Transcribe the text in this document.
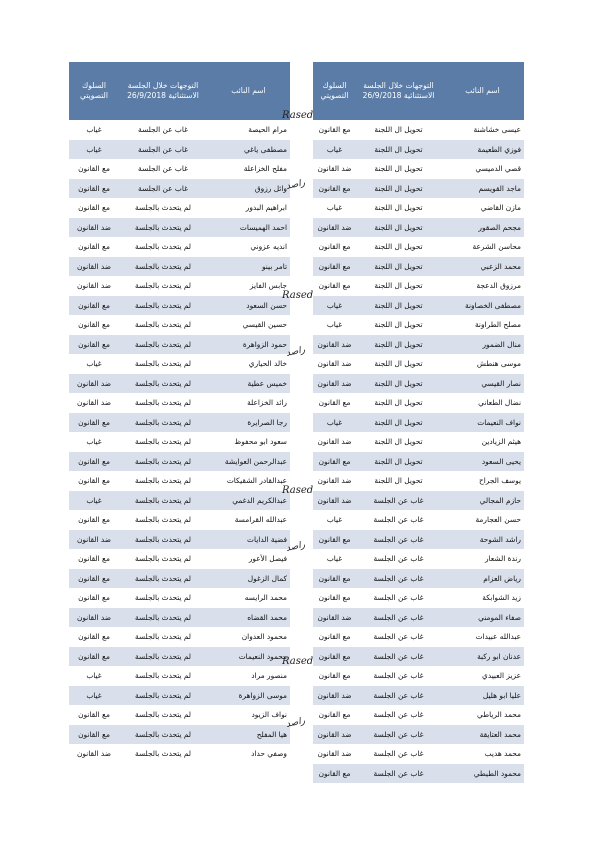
اسم النائب	التوجهات خلال الجلسة الاستثنائية 26/9/2018	السلوك التصويتي
عيسى خشاشنة	تحويل ال اللجنة	مع القانون
فوزي الطعيمة	تحويل ال اللجنة	غياب
قصي الدميسي	تحويل ال اللجنة	ضد القانون
ماجد القويسم	تحويل ال اللجنة	مع القانون
مازن القاضي	تحويل ال اللجنة	غياب
مجحم الصقور	تحويل ال اللجنة	ضد القانون
محاسن الشرعة	تحويل ال اللجنة	مع القانون
محمد الزعبي	تحويل ال اللجنة	مع القانون
مرزوق الدعجة	تحويل ال اللجنة	مع القانون
مصطفى الخصاونة	تحويل ال اللجنة	غياب
مصلح الطراونة	تحويل ال اللجنة	غياب
منال الضمور	تحويل ال اللجنة	ضد القانون
موسى هنطش	تحويل ال اللجنة	ضد القانون
نصار القيسي	تحويل ال اللجنة	ضد القانون
نضال الطعاني	تحويل ال اللجنة	مع القانون
نواف النعيمات	تحويل ال اللجنة	غياب
هيثم الزيادين	تحويل ال اللجنة	ضد القانون
يحيى السعود	تحويل ال اللجنة	مع القانون
يوسف الجراح	تحويل ال اللجنة	ضد القانون
حازم المجالي	غاب عن الجلسة	ضد القانون
حسن العجارمة	غاب عن الجلسة	غياب
راشد الشوحة	غاب عن الجلسة	مع القانون
رندة الشعار	غاب عن الجلسة	غياب
رياض العزام	غاب عن الجلسة	مع القانون
زيد الشوابكة	غاب عن الجلسة	مع القانون
صفاء المومني	غاب عن الجلسة	ضد القانون
عبدالله عبيدات	غاب عن الجلسة	مع القانون
عدنان ابو ركبة	غاب عن الجلسة	مع القانون
عزيز العبيدي	غاب عن الجلسة	مع القانون
عليا ابو هليل	غاب عن الجلسة	ضد القانون
محمد الرياطي	غاب عن الجلسة	مع القانون
محمد العتايقة	غاب عن الجلسة	ضد القانون
محمد هديب	غاب عن الجلسة	ضد القانون
محمود الطيطي	غاب عن الجلسة	مع القانون
اسم النائب	التوجهات خلال الجلسة الاستثنائية 26/9/2018	السلوك التصويتي
مرام الحيصة	غاب عن الجلسة	غياب
مصطفى ياغي	غاب عن الجلسة	غياب
مفلح الخزاعلة	غاب عن الجلسة	مع القانون
وائل رزوق	غاب عن الجلسة	مع القانون
ابراهيم البدور	لم يتحدث بالجلسة	مع القانون
احمد الهميسات	لم يتحدث بالجلسة	ضد القانون
انديه عزوني	لم يتحدث بالجلسة	مع القانون
تامر بينو	لم يتحدث بالجلسة	ضد القانون
جابس الفايز	لم يتحدث بالجلسة	ضد القانون
حسن السعود	لم يتحدث بالجلسة	مع القانون
حسين القيسي	لم يتحدث بالجلسة	مع القانون
حمود الزواهرة	لم يتحدث بالجلسة	مع القانون
خالد الحياري	لم يتحدث بالجلسة	غياب
خميس عطية	لم يتحدث بالجلسة	ضد القانون
رائد الخزاعلة	لم يتحدث بالجلسة	ضد القانون
رجا الصرايرة	لم يتحدث بالجلسة	مع القانون
سعود ابو محفوظ	لم يتحدث بالجلسة	غياب
عبدالرحمن العوايشة	لم يتحدث بالجلسة	مع القانون
عبدالقادر الشقيكات	لم يتحدث بالجلسة	مع القانون
عبدالكريم الدغمي	لم يتحدث بالجلسة	غياب
عبدالله القرامسة	لم يتحدث بالجلسة	مع القانون
فضية الدايات	لم يتحدث بالجلسة	ضد القانون
فيصل الأعور	لم يتحدث بالجلسة	مع القانون
كمال الزغول	لم يتحدث بالجلسة	مع القانون
محمد الرايسه	لم يتحدث بالجلسة	مع القانون
محمد القضاه	لم يتحدث بالجلسة	ضد القانون
محمود العدوان	لم يتحدث بالجلسة	مع القانون
محمود النعيمات	لم يتحدث بالجلسة	مع القانون
منصور مراد	لم يتحدث بالجلسة	غياب
موسى الزواهرة	لم يتحدث بالجلسة	غياب
نواف الزيود	لم يتحدث بالجلسة	مع القانون
هيا المفلح	لم يتحدث بالجلسة	مع القانون
وصفي حداد	لم يتحدث بالجلسة	ضد القانون
Rased
راصد
Rased
راصد
Rased
راصد
Rased
راصد
